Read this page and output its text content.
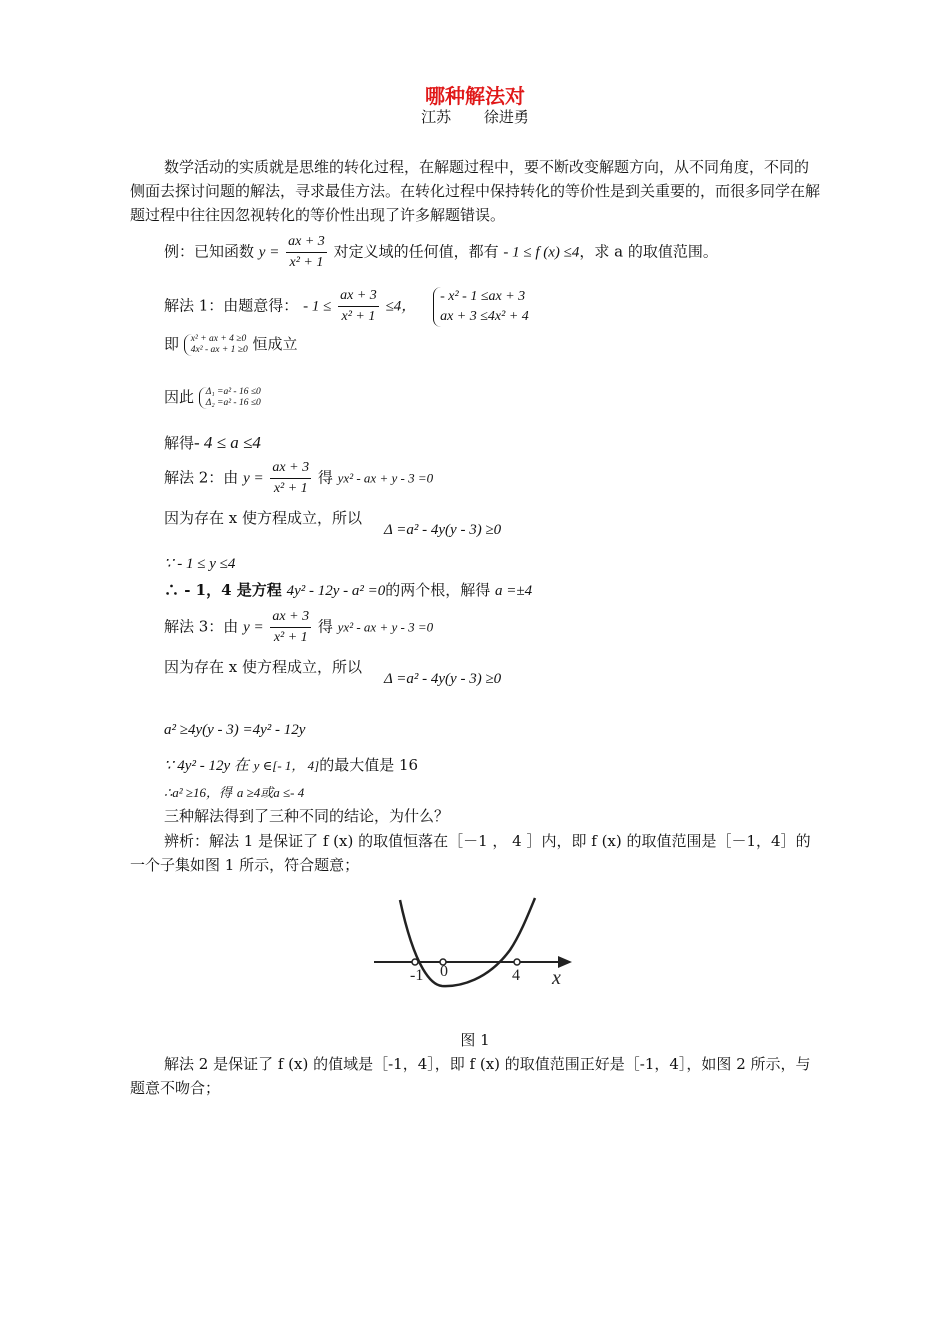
哪种解法对
江苏 徐进勇
数学活动的实质就是思维的转化过程，在解题过程中，要不断改变解题方向，从不同角度，不同的侧面去探讨问题的解法，寻求最佳方法。在转化过程中保持转化的等价性是到关重要的，而很多同学在解题过程中往往因忽视转化的等价性出现了许多解题错误。
例：已知函数 $y = \frac{ax + 3}{\text{x² + 1}}$ 对定义域的任何值，都有 - 1 ≤ f (x) ≤4，求 a 的取值范围。
解法 1：由题意得： - $1 \le \frac{ax + 3}{\text{x² + 1}} \le 4$， - x² - 1 ≤ax + 3
ax + 3 ≤4x² + 4
即 x² + ax + 4 ≥0
4x² - ax + 1 ≥0 恒成立
因此 Δ₁ =a² - 16 ≤0
Δ₂ =a² - 16 ≤0
解得- 4 ≤ a ≤4
解法 2：由 $y = \frac{ax + 3}{\text{x² + 1}}$ 得 yx² - ax + y - 3 =0
因为存在 x 使方程成立，所以
Δ =a² - 4y(y - 3) ≥0
∵ - 1 ≤ y ≤4
∴ - 1，4 是方程 4y² - 12y - a² =0的两个根，解得 a =±4
解法 3：由 $y = \frac{ax + 3}{\text{x² + 1}}$ 得 yx² - ax + y - 3 =0
因为存在 x 使方程成立，所以
Δ =a² - 4y(y - 3) ≥0
a² ≥4y(y - 3) =4y² - 12y
∵ 4y² - 12y 在 y ∈[- 1， 4]的最大值是 16
∴a² ≥16，得 a ≥4或a ≤- 4
三种解法得到了三种不同的结论，为什么？
辨析：解法 1 是保证了 f (x) 的取值恒落在［－1 ， 4 ］内，即 f (x) 的取值范围是［－1，4］的一个子集如图 1 所示，符合题意；
-1 0	4 x
图 1
解法 2 是保证了 f (x) 的值域是［-1，4］，即 f (x) 的取值范围正好是［-1，4］，如图 2 所示，与题意不吻合；
